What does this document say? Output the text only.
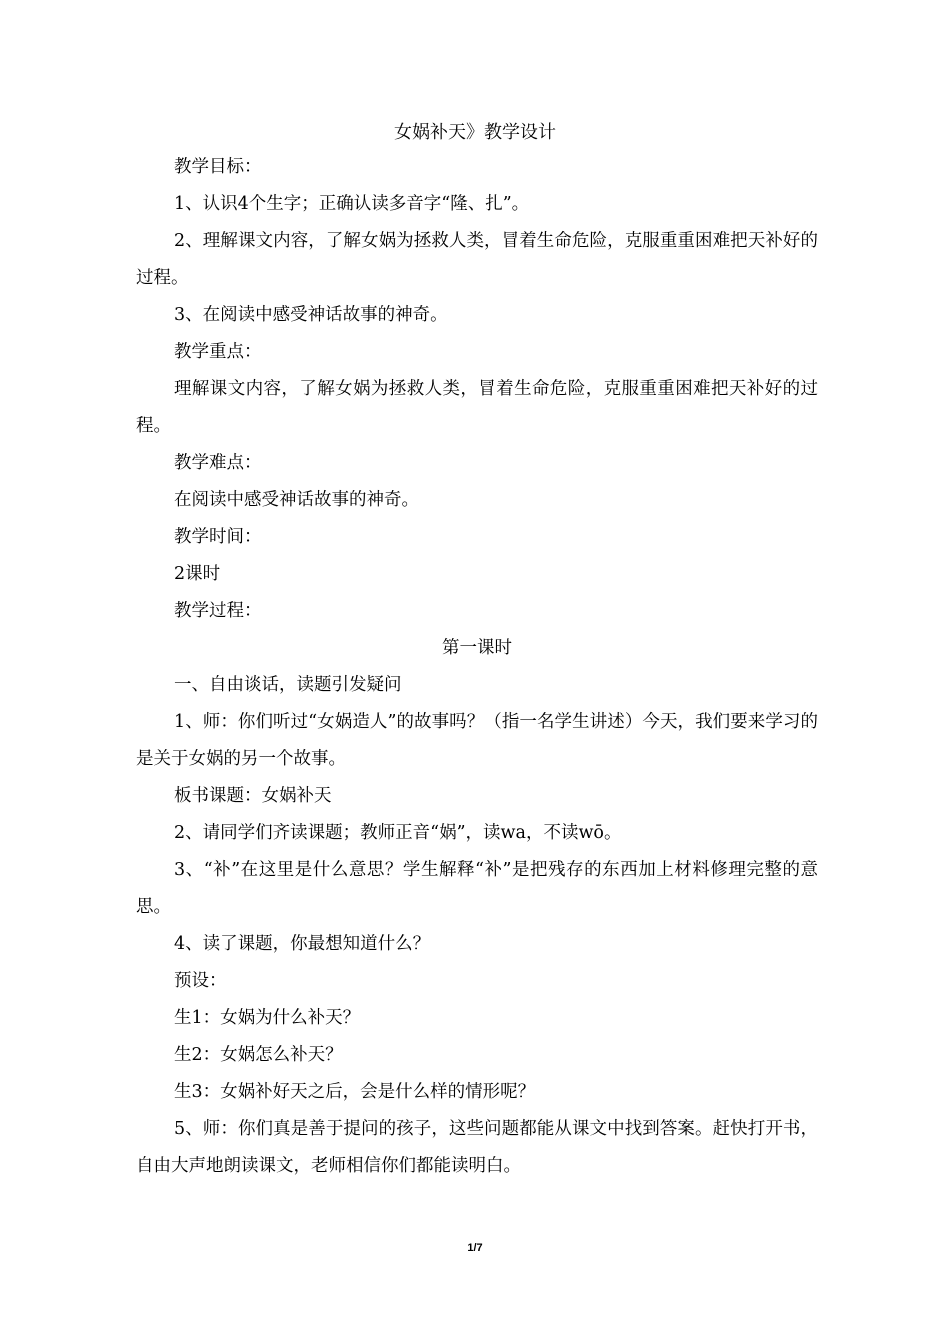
女娲补天》教学设计

教学目标：

1、认识4个生字；正确认读多音字“隆、扎”。

2、理解课文内容，了解女娲为拯救人类，冒着生命危险，克服重重困难把天补好的过程。

3、在阅读中感受神话故事的神奇。

教学重点：

理解课文内容，了解女娲为拯救人类，冒着生命危险，克服重重困难把天补好的过程。

教学难点：

在阅读中感受神话故事的神奇。

教学时间：

2课时

教学过程：

第一课时

一、自由谈话，读题引发疑问

1、师：你们听过“女娲造人”的故事吗？（指一名学生讲述）今天，我们要来学习的是关于女娲的另一个故事。

板书课题：女娲补天

2、请同学们齐读课题；教师正音“娲”，读wa，不读wō。

3、“补”在这里是什么意思？学生解释“补”是把残存的东西加上材料修理完整的意思。

4、读了课题，你最想知道什么？

预设：

生1：女娲为什么补天？

生2：女娲怎么补天？

生3：女娲补好天之后，会是什么样的情形呢？

5、师：你们真是善于提问的孩子，这些问题都能从课文中找到答案。赶快打开书，自由大声地朗读课文，老师相信你们都能读明白。

1/7
